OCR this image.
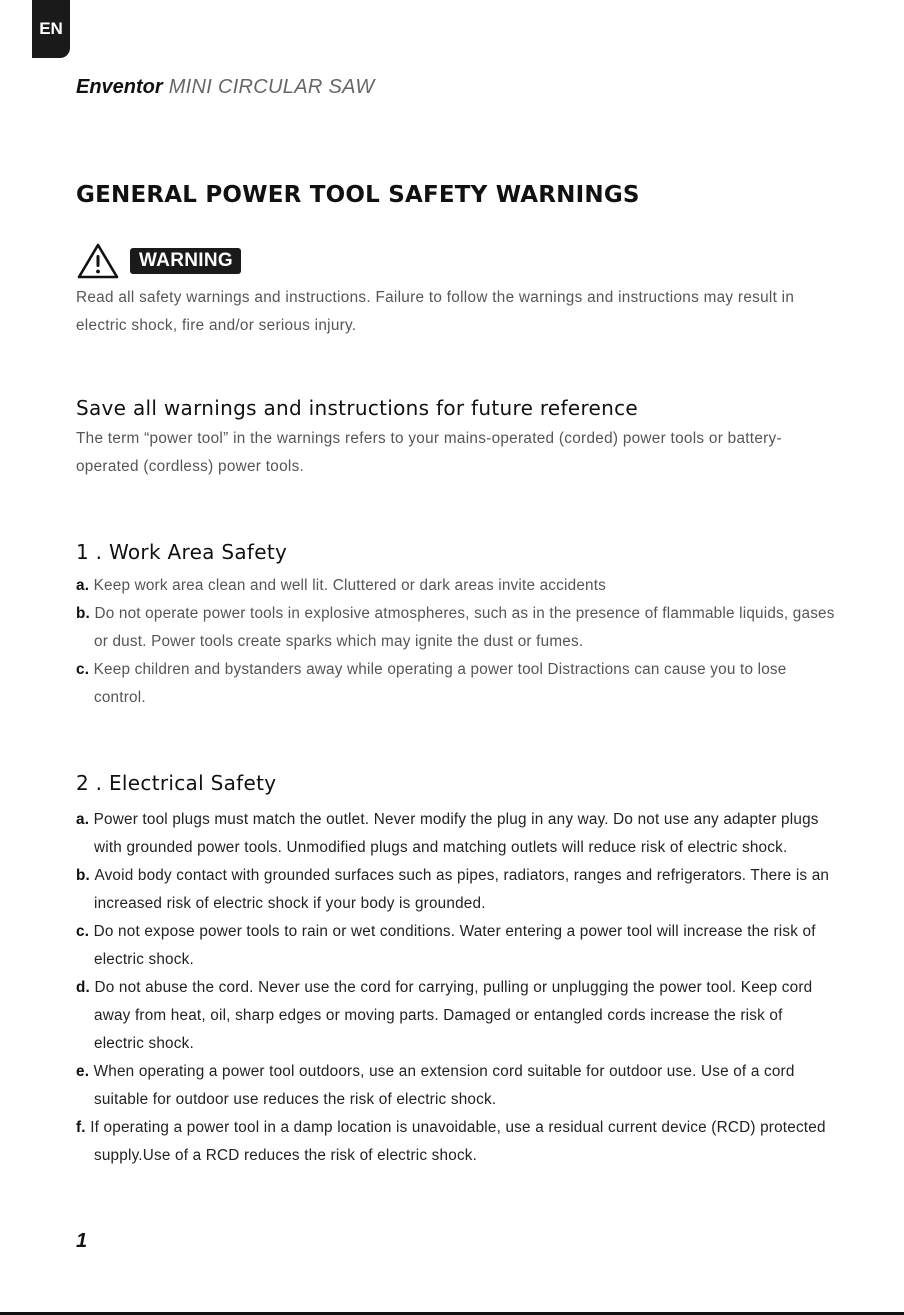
EN
Enventor MINI CIRCULAR SAW
GENERAL POWER TOOL SAFETY WARNINGS
WARNING

Read all safety warnings and instructions. Failure to follow the warnings and instructions may result in electric shock, fire and/or serious injury.

Save all warnings and instructions for future reference

The term “power tool” in the warnings refers to your mains-operated (corded) power tools or battery-operated (cordless) power tools.

1 . Work Area Safety
a. Keep work area clean and well lit. Cluttered or dark areas invite accidents
b. Do not operate power tools in explosive atmospheres, such as in the presence of flammable liquids, gases or dust. Power tools create sparks which may ignite the dust or fumes.
c. Keep children and bystanders away while operating a power tool Distractions can cause you to lose control.
2 . Electrical Safety
a. Power tool plugs must match the outlet. Never modify the plug in any way. Do not use any adapter plugs with grounded power tools. Unmodified plugs and matching outlets will reduce risk of electric shock.
b. Avoid body contact with grounded surfaces such as pipes, radiators, ranges and refrigerators. There is an increased risk of electric shock if your body is grounded.
c. Do not expose power tools to rain or wet conditions. Water entering a power tool will increase the risk of electric shock.
d. Do not abuse the cord. Never use the cord for carrying, pulling or unplugging the power tool. Keep cord away from heat, oil, sharp edges or moving parts. Damaged or entangled cords increase the risk of electric shock.
e. When operating a power tool outdoors, use an extension cord suitable for outdoor use. Use of a cord suitable for outdoor use reduces the risk of electric shock.
f. If operating a power tool in a damp location is unavoidable, use a residual current device (RCD) protected supply.Use of a RCD reduces the risk of electric shock.
1
